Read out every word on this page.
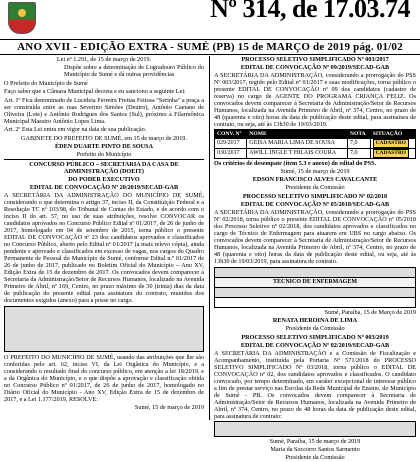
Nº 314, de 17.03.74
ANO XVII - EDIÇÃO EXTRA - SUMÉ (PB) 15 de MARÇO de 2019 pág. 01/02

Lei nº 1.291, de 15 de março de 2019.

Dispõe sobre a denominação de Logradouro Público do Município de Sumé e dá outras providências

O Prefeito do Município de Sumé

Faço saber que a Câmara Municipal decreta e eu sanciono a seguinte Lei:

Art. 1º Fica denominado de Lucideia Ferreira Freitas Feitosa "Serinha" a praça a ser construída entre as ruas Severino Simões (Deutro), Antônio Caetano de Oliveira (Lote) e Antônio Rodrigues dos Santos (Sul), próximo à Filarmônica Municipal Maestro Antônio Lopes Lima.

Art. 2º Esta Lei entra em vigor na data de sua publicação.

GABINETE DO PREFEITO DE SUMÉ, em 15 de março de 2019.

ÉDEN DUARTE PINTO DE SOUSA

Prefeito do Município

CONCURSO PÚBLICO – SECRETARIA DA CASA DE ADMINISTRAÇÃO (DOEIT)

DO PODER EXECUTIVO

EDITAL DE CONVOCAÇÃO Nº 20/2019/SECAD-GAB

A SECRETÁRIA DA ADMINISTRAÇÃO DO MUNICÍPIO DE SUMÉ, considerando o que determina o artigo 37, inciso II, da Constituição Federal e a Resolução TC nº 103/98, do Tribunal de Contas do Estado, e de acordo com o inciso II do art. 57, no uso de suas atribuições, resolve CONVOCAR os candidatos aprovados no Concurso Público Edital nº 01/2017, de 26 de junho de 2017, homologado em 04 de setembro de 2015, torna público o presente EDITAL DE CONVOCAÇÃO nº 23 dos candidatos aprovados e classificados no Concurso Público, aberto pelo Edital nº 01/2017 (a mais relevo cópia), ainda pendente e aprovado e classificados em excesso de vagas, nos cargos do Quadro Permanente de Pessoal do Município de Sumé, conforme Edital n.º 01/2017 de 26 de junho de 2017, publicado no Boletim Oficial do Município – Ano XV, Edição Extra de 15 de dezembro de 2017. Os convocados devem comparecer à Secretaria da Administração/Setor de Recursos Humanos, localizado na Avenida Primeiro de Abril, nº 169, Centro, no prazo máximo de 30 (trinta) dias da data de publicação do presente edital para assinatura do contrato, munidos dos documentos exigidos (anexo) para a posse no cargo.

O PREFEITO DO MUNICÍPIO DE SUMÉ, usando das atribuições que lhe são conferidas pelo art. 62, inciso VI, da Lei Orgânica do Município, e a considerando o resultado final do concurso público, em atenção a lei 18/2019, e a da Orgânica do Município, e o que dispõe a aprovação e classificação obtida no Concurso Público nº 01/2017, de 26 de junho de 2017, homologado no Diário Oficial do Município - Ano XV, Edição Extra de 15 de dezembro de 2017, e a Lei 1.177/2019, RESOLVE:

Sumé, 15 de março de 2019

PROCESSO SELETIVO SIMPLIFICADO Nº 003/2017

EDITAL DE CONVOCAÇÃO Nº 09/2019/SECAD-GAB

A SECRETÁRIA DA ADMINISTRAÇÃO, considerando a prorrogação do PSS Nº 003/2017, regido pelo Edital nº 01/2017 e suas modificações, torna público o presente EDITAL DE CONVOCAÇÃO nº 09 dos candidatos (cadastro de reserva) no cargo de AGENTE DO PROGRAMA CRIANÇA FELIZ. Os convocados devem comparecer à Secretaria de Administração/Setor de Recursos Humanos, localizada na Avenida Primeiro de Abril, nº 374, Centro, no prazo de 48 (quarenta e oito) horas da data de publicação deste edital, para assinatura de contrato, ou seja, até às 13h30 de 19/03/2019.

CONV. Nº	NOME	NOTA	SITUAÇÃO
029/2017	GEISA MARIA LIMA DE SOUSA	7,0	CADASTRO
030/2017	AWILL INGLE T HILAIS COURA	7,0	CADASTRO

Os critérios de desempate (item 5.3 e anexo) do edital do PSS.

Sumé, 15 de março de 2019

EDSON FRANCISCO ALVES CAVALCANTE

Presidente da Comissão

PROCESSO SELETIVO SIMPLIFICADO Nº 02/2018

EDITAL DE CONVOCAÇÃO Nº 05/2018/SECAD-GAB

A SECRETÁRIA DA ADMINISTRAÇÃO, considerando a prorrogação do PSS Nº 02/2018, torna público o presente EDITAL DE CONVOCAÇÃO nº 05/2018 dos Processo Seletivo nº 02/2018, dos candidatos aprovados e classificados no cargo de Técnico de Enfermagem para atuarem em UBS no cargo abaixo. Os convocados devem comparecer à Secretaria de Administração/Setor de Recursos Humanos, localizada na Avenida Primeiro de Abril, nº 374, Centro, no prazo de 48 (quarenta e oito) horas da data de publicação deste edital, ou seja, até às 13h30 de 19/03/2019, para assinatura de contrato.

TÉCNICO DE ENFERMAGEM

Sumé, Paraíba, 15 de Março de 2019

RENATA HEROINA DE LIMA

Presidente da Comissão

PROCESSO SELETIVO SIMPLIFICADO Nº 003/2019

EDITAL DE CONVOCAÇÃO Nº 02/2019/SECAD-GAB

A SECRETÁRIA DA ADMINISTRAÇÃO e a Comissão de Fiscalização e Acompanhamento, instituída pela Portaria Nº 571/2018 do PROCESSO SELETIVO SIMPLIFICADO Nº 03/2018, torna público o EDITAL DE CONVOCAÇÃO nº 02, dos candidatos aprovados e classificados. O candidato convocado, por tempo determinado, em caráter excepcional de interesse público a fim de prestar serviço nas Escolas da Rede Municipal de Ensino, do Município de Sumé - PB. Os convocados devem comparecer à Secretaria de Administração/Setor de Recursos Humanos, localizada na Avenida Primeiro de Abril, nº 374, Centro, no prazo de 48 horas da data de publicação deste edital, para assinatura de contrato:

Sumé, Paraíba, 15 de março de 2019

Maria da Soccorro Santos Sarmento

Presidente da Comissão
